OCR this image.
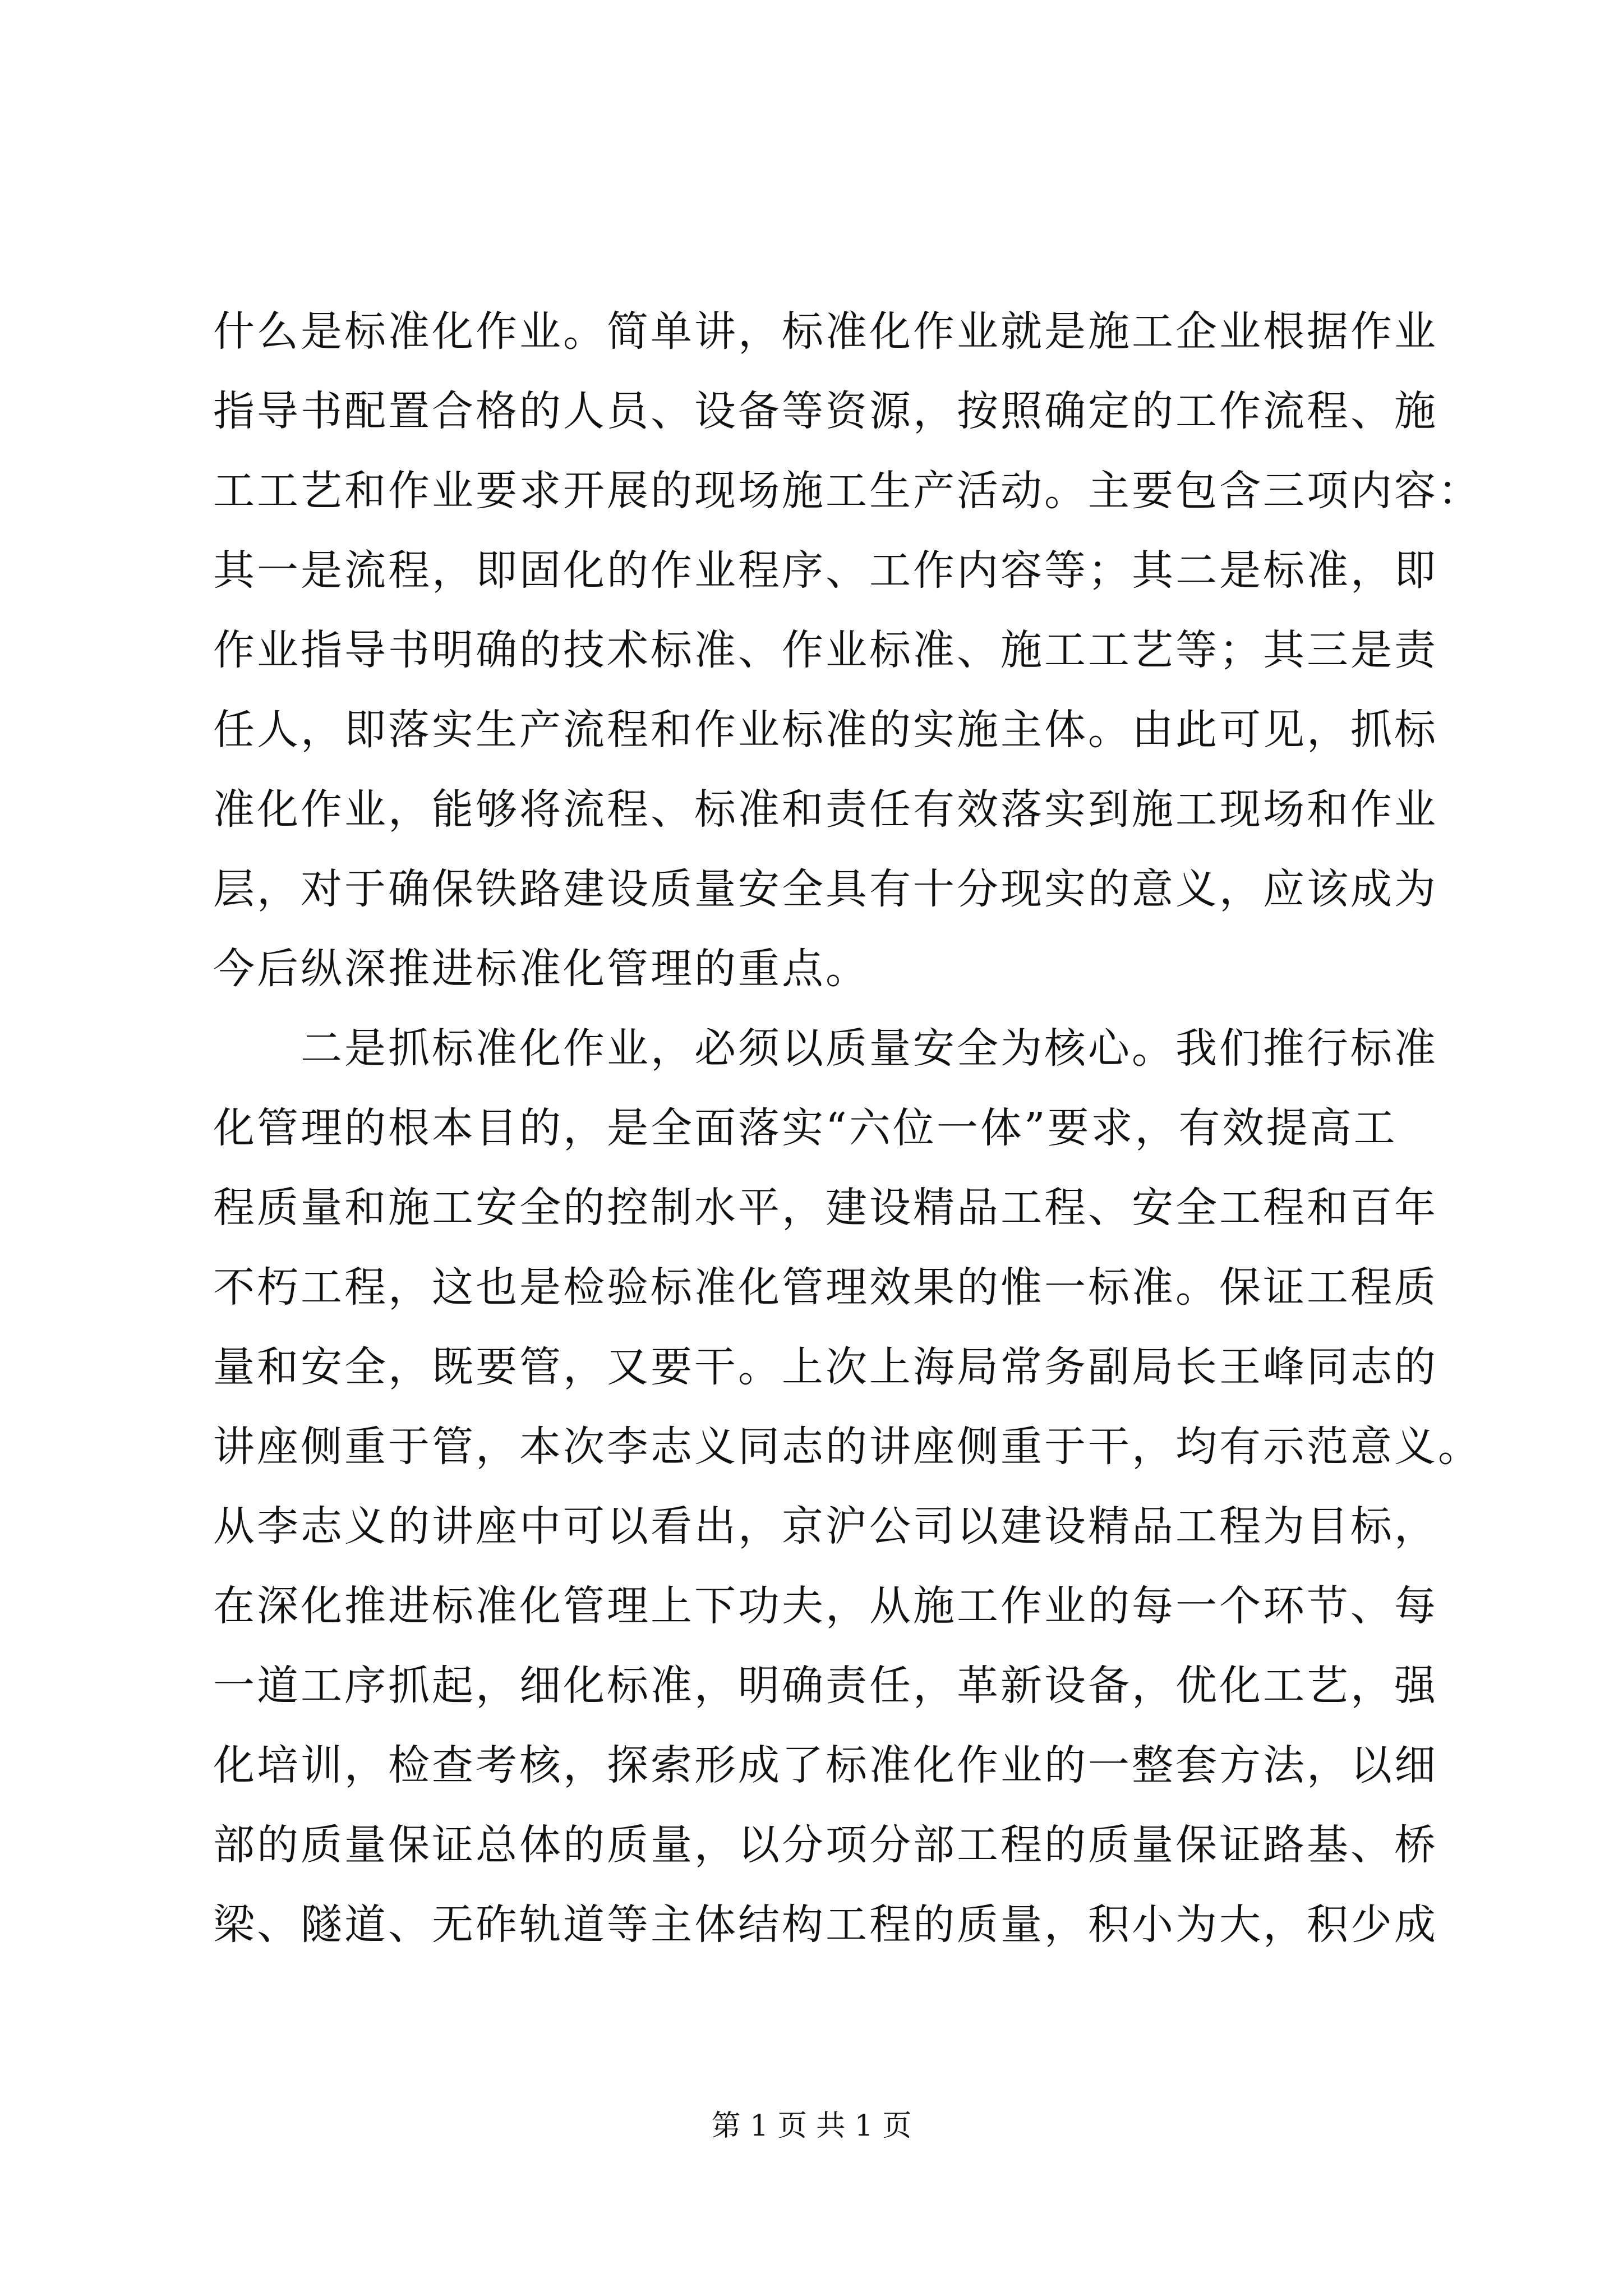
什么是标准化作业。简单讲，标准化作业就是施工企业根据作业
指导书配置合格的人员、设备等资源，按照确定的工作流程、施
工工艺和作业要求开展的现场施工生产活动。主要包含三项内容：
其一是流程，即固化的作业程序、工作内容等；其二是标准，即
作业指导书明确的技术标准、作业标准、施工工艺等；其三是责
任人，即落实生产流程和作业标准的实施主体。由此可见，抓标
准化作业，能够将流程、标准和责任有效落实到施工现场和作业
层，对于确保铁路建设质量安全具有十分现实的意义，应该成为
今后纵深推进标准化管理的重点。
二是抓标准化作业，必须以质量安全为核心。我们推行标准
化管理的根本目的，是全面落实“六位一体”要求，有效提高工
程质量和施工安全的控制水平，建设精品工程、安全工程和百年
不朽工程，这也是检验标准化管理效果的惟一标准。保证工程质
量和安全，既要管，又要干。上次上海局常务副局长王峰同志的
讲座侧重于管，本次李志义同志的讲座侧重于干，均有示范意义。
从李志义的讲座中可以看出，京沪公司以建设精品工程为目标，
在深化推进标准化管理上下功夫，从施工作业的每一个环节、每
一道工序抓起，细化标准，明确责任，革新设备，优化工艺，强
化培训，检查考核，探索形成了标准化作业的一整套方法，以细
部的质量保证总体的质量，以分项分部工程的质量保证路基、桥
梁、隧道、无砟轨道等主体结构工程的质量，积小为大，积少成
第 1 页 共 1 页
